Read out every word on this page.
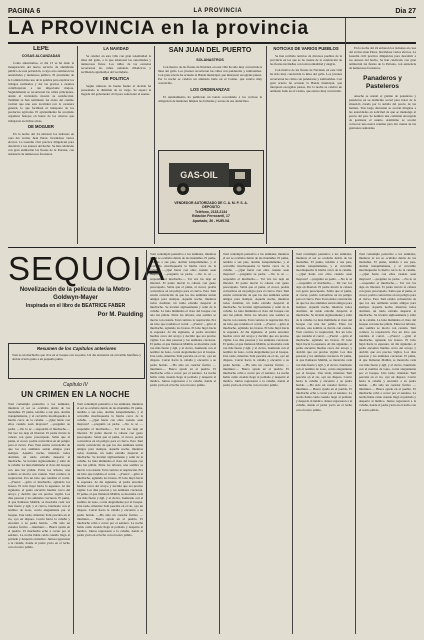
PAGINA 6	LA PROVINCIA	Dia 27
LA PROVINCIA en la provincia
LEPE
COSAS ALCANZADAS

Como anunciamos, el día 13 se ha dado la inauguración del nuevo servicio de alumbrado público de esta población, a cuyo acto asistieron las autoridades y numeroso público. El presidente de la Comisión hizo uso de la palabra para explicar los trabajos realizados y dar las gracias a cuantos contribuyeron a tan importante mejora. Seguidamente se recorrieron las calles principales, donde el vecindario mostró su satisfacción. También se han terminado las obras del camino vecinal que une esta localidad con la carretera general, lo que facilitará el transporte de los productos agrícolas. El ayuntamiento ha acordado organizar festejos en honor de los obreros que trabajaron en dichas obras.

DE MOGUER

En la noche del 24 entraron los ladrones en casa del vecino Juan Pérez, llevándose varios efectos. La Guardia civil practica diligencias para descubrir a los autores del hecho. Se han celebrado con gran animación las fiestas de la Patrona, con asistencia de numerosos forasteros.

LA NAVIDAD

Se celebró en esta villa con gran solemnidad la misa del gallo, a la que asistieron las autoridades y numerosos fieles. Los niños de las escuelas recorrieron las calles cantando villancicos y recibiendo aguinaldos del vecindario.

DE POLITICA

Según rumores de buena fuente el alcalde ha presentado la dimisión de su cargo. Se espera la llegada del gobernador civil para solucionar el asunto.

SAN JUAN DEL PUERTO
SOLANASTROS

Con motivo de las fiestas de Navidad, en esta villa ha sido muy concurrida la misa del gallo. Los jóvenes recorrieron las calles con panderetas y zambombas. Con gran acierto ha actuado la Banda municipal, que interpretó escogidas piezas. Por la noche se celebró un animado baile en el Casino, que estuvo muy concurrido.

LOS ORDENANZAS

El Ayuntamiento ha publicado un bando recordando a los vecinos la obligación de mantener limpias las fachadas y aceras de sus domicilios.

GAS-OIL
VENDEDOR AUTORIZADO DE C. A. M. P. S. A.
DEPOSITO
Teléfono, 2133-2134
Estación Ferrocarril, 17
Apartado, 36 - HUELVA
NOTICIAS DE VARIOS PUEBLOS

Se han recibido noticias de diversos pueblos de la provincia en las que se da cuenta de la celebración de las fiestas navideñas con toda normalidad y alegría.

Con motivo de las fiestas de Navidad, en esta villa ha sido muy concurrida la misa del gallo. Los jóvenes recorrieron las calles con panderetas y zambombas. Con gran acierto ha actuado la Banda municipal, que interpretó escogidas piezas. Por la noche se celebró un animado baile en el Casino, que estuvo muy concurrido.

En la noche del 24 entraron los ladrones en casa del vecino Juan Pérez, llevándose varios efectos. La Guardia civil practica diligencias para descubrir a los autores del hecho. Se han celebrado con gran animación las fiestas de la Patrona, con asistencia de numerosos forasteros.

Panaderos y Pasteleros

Anoche se reunió el gremio de panaderos y pasteleros en su domicilio social para tratar de la situación creada por la subida del precio de las harinas. Tras larga discusión se acordó dirigirse a las autoridades en solicitud de que se mantenga el precio del pan. Se nombró una comisión encargada de gestionar el asunto. Asimismo se acordó convocar una nueva reunión para dar cuenta de las gestiones realizadas.

SEQUOIA
Novelización de la película de la Metro-Goldwyn-Mayer
Inspirada en el libro de BEATRICE FABER
Por M. Paulding
Resumen de los Capítulos anteriores
Toni es un muchacho que vive en el bosque con su padre. Un día encuentra un cervatillo huérfano y decide criarlo junto a un pequeño puma.
Capítulo IV
UN CRIMEN EN LA NOCHE
Toni contempló pensativo a los animales, mientras el sol se ocultaba detrás de las montañas. El puma, tendido a sus pies, dormía tranquilamente, y el cervatillo mordisqueaba la hierba cerca de la cabaña. —¿Qué harás con ellos cuando sean mayores? —preguntó su padre. —No lo sé —respondió el muchacho—. Tal vez los deje en libertad. El padre movió la cabeza con gesto preocupado. Sabía que el puma, al crecer, podría convertirse en un peligro para el ciervo. Pero Toni estaba convencido de que los dos animales serían amigos para siempre. Aquella noche, mientras todos dormían, un ruido extraño despertó al muchacho. Se levantó sigilosamente y salió de la cabaña. La luna iluminaba el claro del bosque con una luz pálida. Entre los árboles, una sombra se movía con cautela. Toni contuvo la respiración. Era un lobo que rondaba el corral. —¡Fuera! —gritó el muchacho, agitando los brazos. El lobo huyó hacia la espesura. Al día siguiente, el padre encontró huellas cerca del arroyo y decidió que era preciso vigilar. Los días pasaron y los animales crecieron. El puma, al que llamaron Malibú, se mostraba cada vez más fuerte y ágil, y el ciervo, bautizado con el nombre de Gato, corría alegremente por el bosque. Una tarde, mientras Toni pescaba en el río, oyó un disparo. Corrió hacia la cabaña y encontró a su padre herido. —Ha sido un cazador furtivo —murmuró—. Busca ayuda en el pueblo. El muchacho echó a correr por el sendero. La noche había caído cuando llegó al poblado y despertó al médico. Juntos regresaron a la cabaña, donde el padre yacía en el lecho con el rostro pálido.
Toni contempló pensativo a los animales, mientras el sol se ocultaba detrás de las montañas. El puma, tendido a sus pies, dormía tranquilamente, y el cervatillo mordisqueaba la hierba cerca de la cabaña. —¿Qué harás con ellos cuando sean mayores? —preguntó su padre. —No lo sé —respondió el muchacho—. Tal vez los deje en libertad. El padre movió la cabeza con gesto preocupado. Sabía que el puma, al crecer, podría convertirse en un peligro para el ciervo. Pero Toni estaba convencido de que los dos animales serían amigos para siempre. Aquella noche, mientras todos dormían, un ruido extraño despertó al muchacho. Se levantó sigilosamente y salió de la cabaña. La luna iluminaba el claro del bosque con una luz pálida. Entre los árboles, una sombra se movía con cautela. Toni contuvo la respiración. Era un lobo que rondaba el corral. —¡Fuera! —gritó el muchacho, agitando los brazos. El lobo huyó hacia la espesura. Al día siguiente, el padre encontró huellas cerca del arroyo y decidió que era preciso vigilar. Los días pasaron y los animales crecieron. El puma, al que llamaron Malibú, se mostraba cada vez más fuerte y ágil, y el ciervo, bautizado con el nombre de Gato, corría alegremente por el bosque. Una tarde, mientras Toni pescaba en el río, oyó un disparo. Corrió hacia la cabaña y encontró a su padre herido. —Ha sido un cazador furtivo —murmuró—. Busca ayuda en el pueblo. El muchacho echó a correr por el sendero. La noche había caído cuando llegó al poblado y despertó al médico. Juntos regresaron a la cabaña, donde el padre yacía en el lecho con el rostro pálido.
Toni contempló pensativo a los animales, mientras el sol se ocultaba detrás de las montañas. El puma, tendido a sus pies, dormía tranquilamente, y el cervatillo mordisqueaba la hierba cerca de la cabaña. —¿Qué harás con ellos cuando sean mayores? —preguntó su padre. —No lo sé —respondió el muchacho—. Tal vez los deje en libertad. El padre movió la cabeza con gesto preocupado. Sabía que el puma, al crecer, podría convertirse en un peligro para el ciervo. Pero Toni estaba convencido de que los dos animales serían amigos para siempre. Aquella noche, mientras todos dormían, un ruido extraño despertó al muchacho. Se levantó sigilosamente y salió de la cabaña. La luna iluminaba el claro del bosque con una luz pálida. Entre los árboles, una sombra se movía con cautela. Toni contuvo la respiración. Era un lobo que rondaba el corral. —¡Fuera! —gritó el muchacho, agitando los brazos. El lobo huyó hacia la espesura. Al día siguiente, el padre encontró huellas cerca del arroyo y decidió que era preciso vigilar. Los días pasaron y los animales crecieron. El puma, al que llamaron Malibú, se mostraba cada vez más fuerte y ágil, y el ciervo, bautizado con el nombre de Gato, corría alegremente por el bosque. Una tarde, mientras Toni pescaba en el río, oyó un disparo. Corrió hacia la cabaña y encontró a su padre herido. —Ha sido un cazador furtivo —murmuró—. Busca ayuda en el pueblo. El muchacho echó a correr por el sendero. La noche había caído cuando llegó al poblado y despertó al médico. Juntos regresaron a la cabaña, donde el padre yacía en el lecho con el rostro pálido.
Toni contempló pensativo a los animales, mientras el sol se ocultaba detrás de las montañas. El puma, tendido a sus pies, dormía tranquilamente, y el cervatillo mordisqueaba la hierba cerca de la cabaña. —¿Qué harás con ellos cuando sean mayores? —preguntó su padre. —No lo sé —respondió el muchacho—. Tal vez los deje en libertad. El padre movió la cabeza con gesto preocupado. Sabía que el puma, al crecer, podría convertirse en un peligro para el ciervo. Pero Toni estaba convencido de que los dos animales serían amigos para siempre. Aquella noche, mientras todos dormían, un ruido extraño despertó al muchacho. Se levantó sigilosamente y salió de la cabaña. La luna iluminaba el claro del bosque con una luz pálida. Entre los árboles, una sombra se movía con cautela. Toni contuvo la respiración. Era un lobo que rondaba el corral. —¡Fuera! —gritó el muchacho, agitando los brazos. El lobo huyó hacia la espesura. Al día siguiente, el padre encontró huellas cerca del arroyo y decidió que era preciso vigilar. Los días pasaron y los animales crecieron. El puma, al que llamaron Malibú, se mostraba cada vez más fuerte y ágil, y el ciervo, bautizado con el nombre de Gato, corría alegremente por el bosque. Una tarde, mientras Toni pescaba en el río, oyó un disparo. Corrió hacia la cabaña y encontró a su padre herido. —Ha sido un cazador furtivo —murmuró—. Busca ayuda en el pueblo. El muchacho echó a correr por el sendero. La noche había caído cuando llegó al poblado y despertó al médico. Juntos regresaron a la cabaña, donde el padre yacía en el lecho con el rostro pálido.
Toni contempló pensativo a los animales, mientras el sol se ocultaba detrás de las montañas. El puma, tendido a sus pies, dormía tranquilamente, y el cervatillo mordisqueaba la hierba cerca de la cabaña. —¿Qué harás con ellos cuando sean mayores? —preguntó su padre. —No lo sé —respondió el muchacho—. Tal vez los deje en libertad. El padre movió la cabeza con gesto preocupado. Sabía que el puma, al crecer, podría convertirse en un peligro para el ciervo. Pero Toni estaba convencido de que los dos animales serían amigos para siempre. Aquella noche, mientras todos dormían, un ruido extraño despertó al muchacho. Se levantó sigilosamente y salió de la cabaña. La luna iluminaba el claro del bosque con una luz pálida. Entre los árboles, una sombra se movía con cautela. Toni contuvo la respiración. Era un lobo que rondaba el corral. —¡Fuera! —gritó el muchacho, agitando los brazos. El lobo huyó hacia la espesura. Al día siguiente, el padre encontró huellas cerca del arroyo y decidió que era preciso vigilar. Los días pasaron y los animales crecieron. El puma, al que llamaron Malibú, se mostraba cada vez más fuerte y ágil, y el ciervo, bautizado con el nombre de Gato, corría alegremente por el bosque. Una tarde, mientras Toni pescaba en el río, oyó un disparo. Corrió hacia la cabaña y encontró a su padre herido. —Ha sido un cazador furtivo —murmuró—. Busca ayuda en el pueblo. El muchacho echó a correr por el sendero. La noche había caído cuando llegó al poblado y despertó al médico. Juntos regresaron a la cabaña, donde el padre yacía en el lecho con el rostro pálido.
Toni contempló pensativo a los animales, mientras el sol se ocultaba detrás de las montañas. El puma, tendido a sus pies, dormía tranquilamente, y el cervatillo mordisqueaba la hierba cerca de la cabaña. —¿Qué harás con ellos cuando sean mayores? —preguntó su padre. —No lo sé —respondió el muchacho—. Tal vez los deje en libertad. El padre movió la cabeza con gesto preocupado. Sabía que el puma, al crecer, podría convertirse en un peligro para el ciervo. Pero Toni estaba convencido de que los dos animales serían amigos para siempre. Aquella noche, mientras todos dormían, un ruido extraño despertó al muchacho. Se levantó sigilosamente y salió de la cabaña. La luna iluminaba el claro del bosque con una luz pálida. Entre los árboles, una sombra se movía con cautela. Toni contuvo la respiración. Era un lobo que rondaba el corral. —¡Fuera! —gritó el muchacho, agitando los brazos. El lobo huyó hacia la espesura. Al día siguiente, el padre encontró huellas cerca del arroyo y decidió que era preciso vigilar. Los días pasaron y los animales crecieron. El puma, al que llamaron Malibú, se mostraba cada vez más fuerte y ágil, y el ciervo, bautizado con el nombre de Gato, corría alegremente por el bosque. Una tarde, mientras Toni pescaba en el río, oyó un disparo. Corrió hacia la cabaña y encontró a su padre herido. —Ha sido un cazador furtivo —murmuró—. Busca ayuda en el pueblo. El muchacho echó a correr por el sendero. La noche había caído cuando llegó al poblado y despertó al médico. Juntos regresaron a la cabaña, donde el padre yacía en el lecho con el rostro pálido.
